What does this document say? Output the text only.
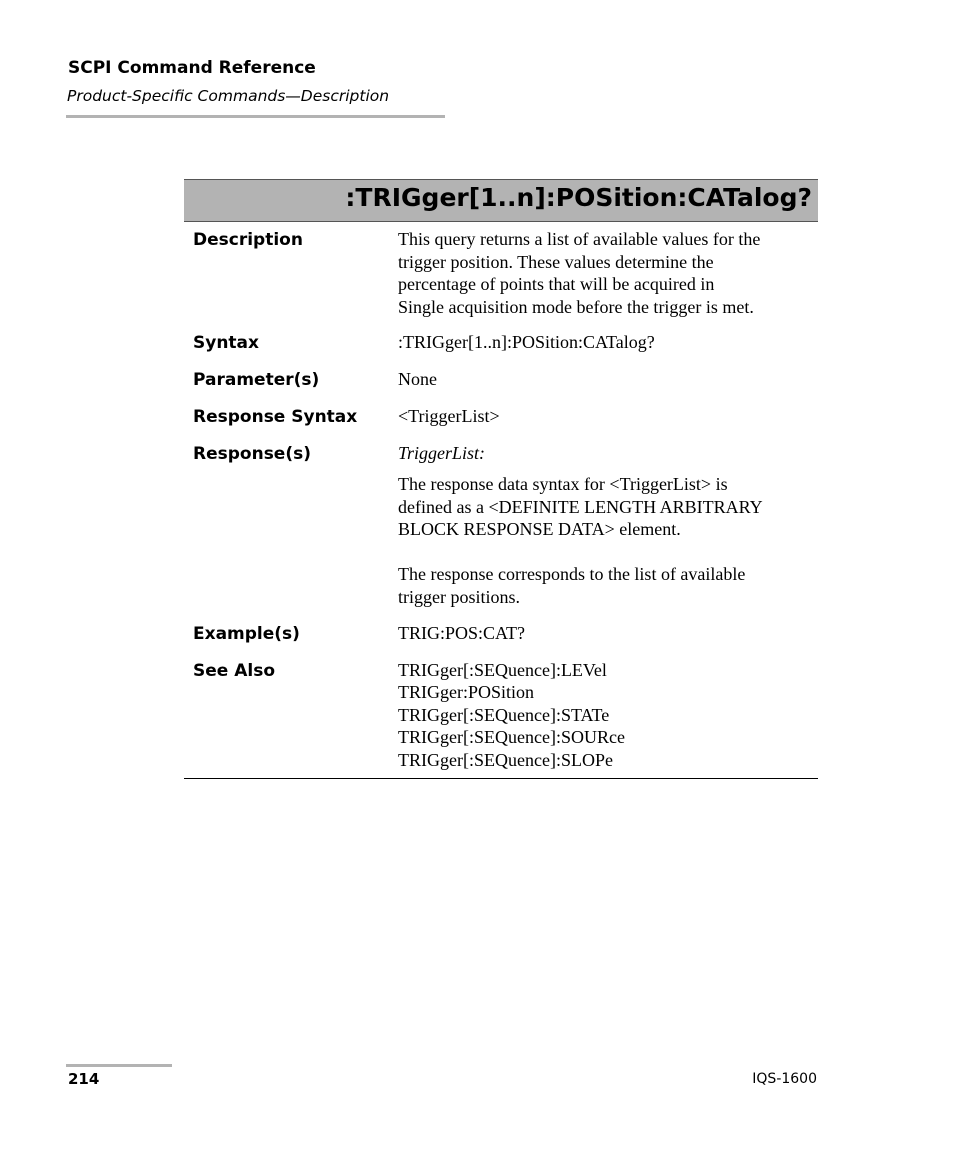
SCPI Command Reference
Product-Specific Commands—Description
:TRIGger[1..n]:POSition:CATalog?
Description	This query returns a list of available values for the
trigger position. These values determine the
percentage of points that will be acquired in
Single acquisition mode before the trigger is met.
Syntax	:TRIGger[1..n]:POSition:CATalog?
Parameter(s)	None
Response Syntax	<TriggerList>
Response(s)	TriggerList:

The response data syntax for <TriggerList> is
defined as a <DEFINITE LENGTH ARBITRARY
BLOCK RESPONSE DATA> element.
The response corresponds to the list of available
trigger positions.
Example(s)	TRIG:POS:CAT?
See Also	TRIGger[:SEQuence]:LEVel
TRIGger:POSition
TRIGger[:SEQuence]:STATe
TRIGger[:SEQuence]:SOURce
TRIGger[:SEQuence]:SLOPe
214	IQS-1600
